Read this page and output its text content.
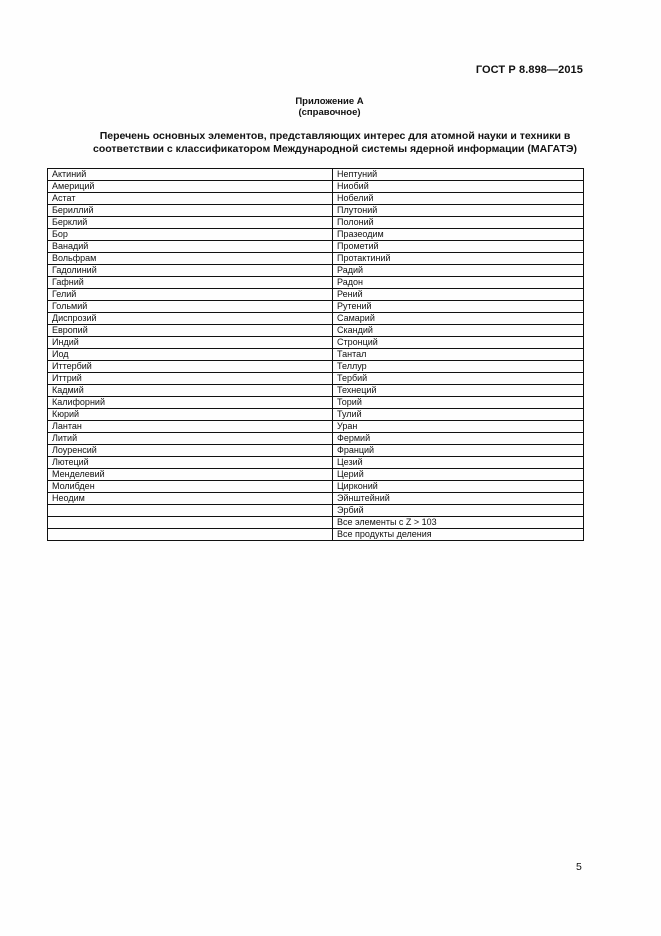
ГОСТ Р 8.898—2015
Приложение А
(справочное)
Перечень основных элементов, представляющих интерес для атомной науки и техники в
соответствии с классификатором Международной системы ядерной информации (МАГАТЭ)
Актиний	Нептуний
Америций	Ниобий
Астат	Нобелий
Бериллий	Плутоний
Берклий	Полоний
Бор	Празеодим
Ванадий	Прометий
Вольфрам	Протактиний
Гадолиний	Радий
Гафний	Радон
Гелий	Рений
Гольмий	Рутений
Диспрозий	Самарий
Европий	Скандий
Индий	Стронций
Иод	Тантал
Иттербий	Теллур
Иттрий	Тербий
Кадмий	Технеций
Калифорний	Торий
Кюрий	Тулий
Лантан	Уран
Литий	Фермий
Лоуренсий	Франций
Лютеций	Цезий
Менделевий	Церий
Молибден	Цирконий
Неодим	Эйнштейний
	Эрбий
	Все элементы с Z > 103
	Все продукты деления
5
